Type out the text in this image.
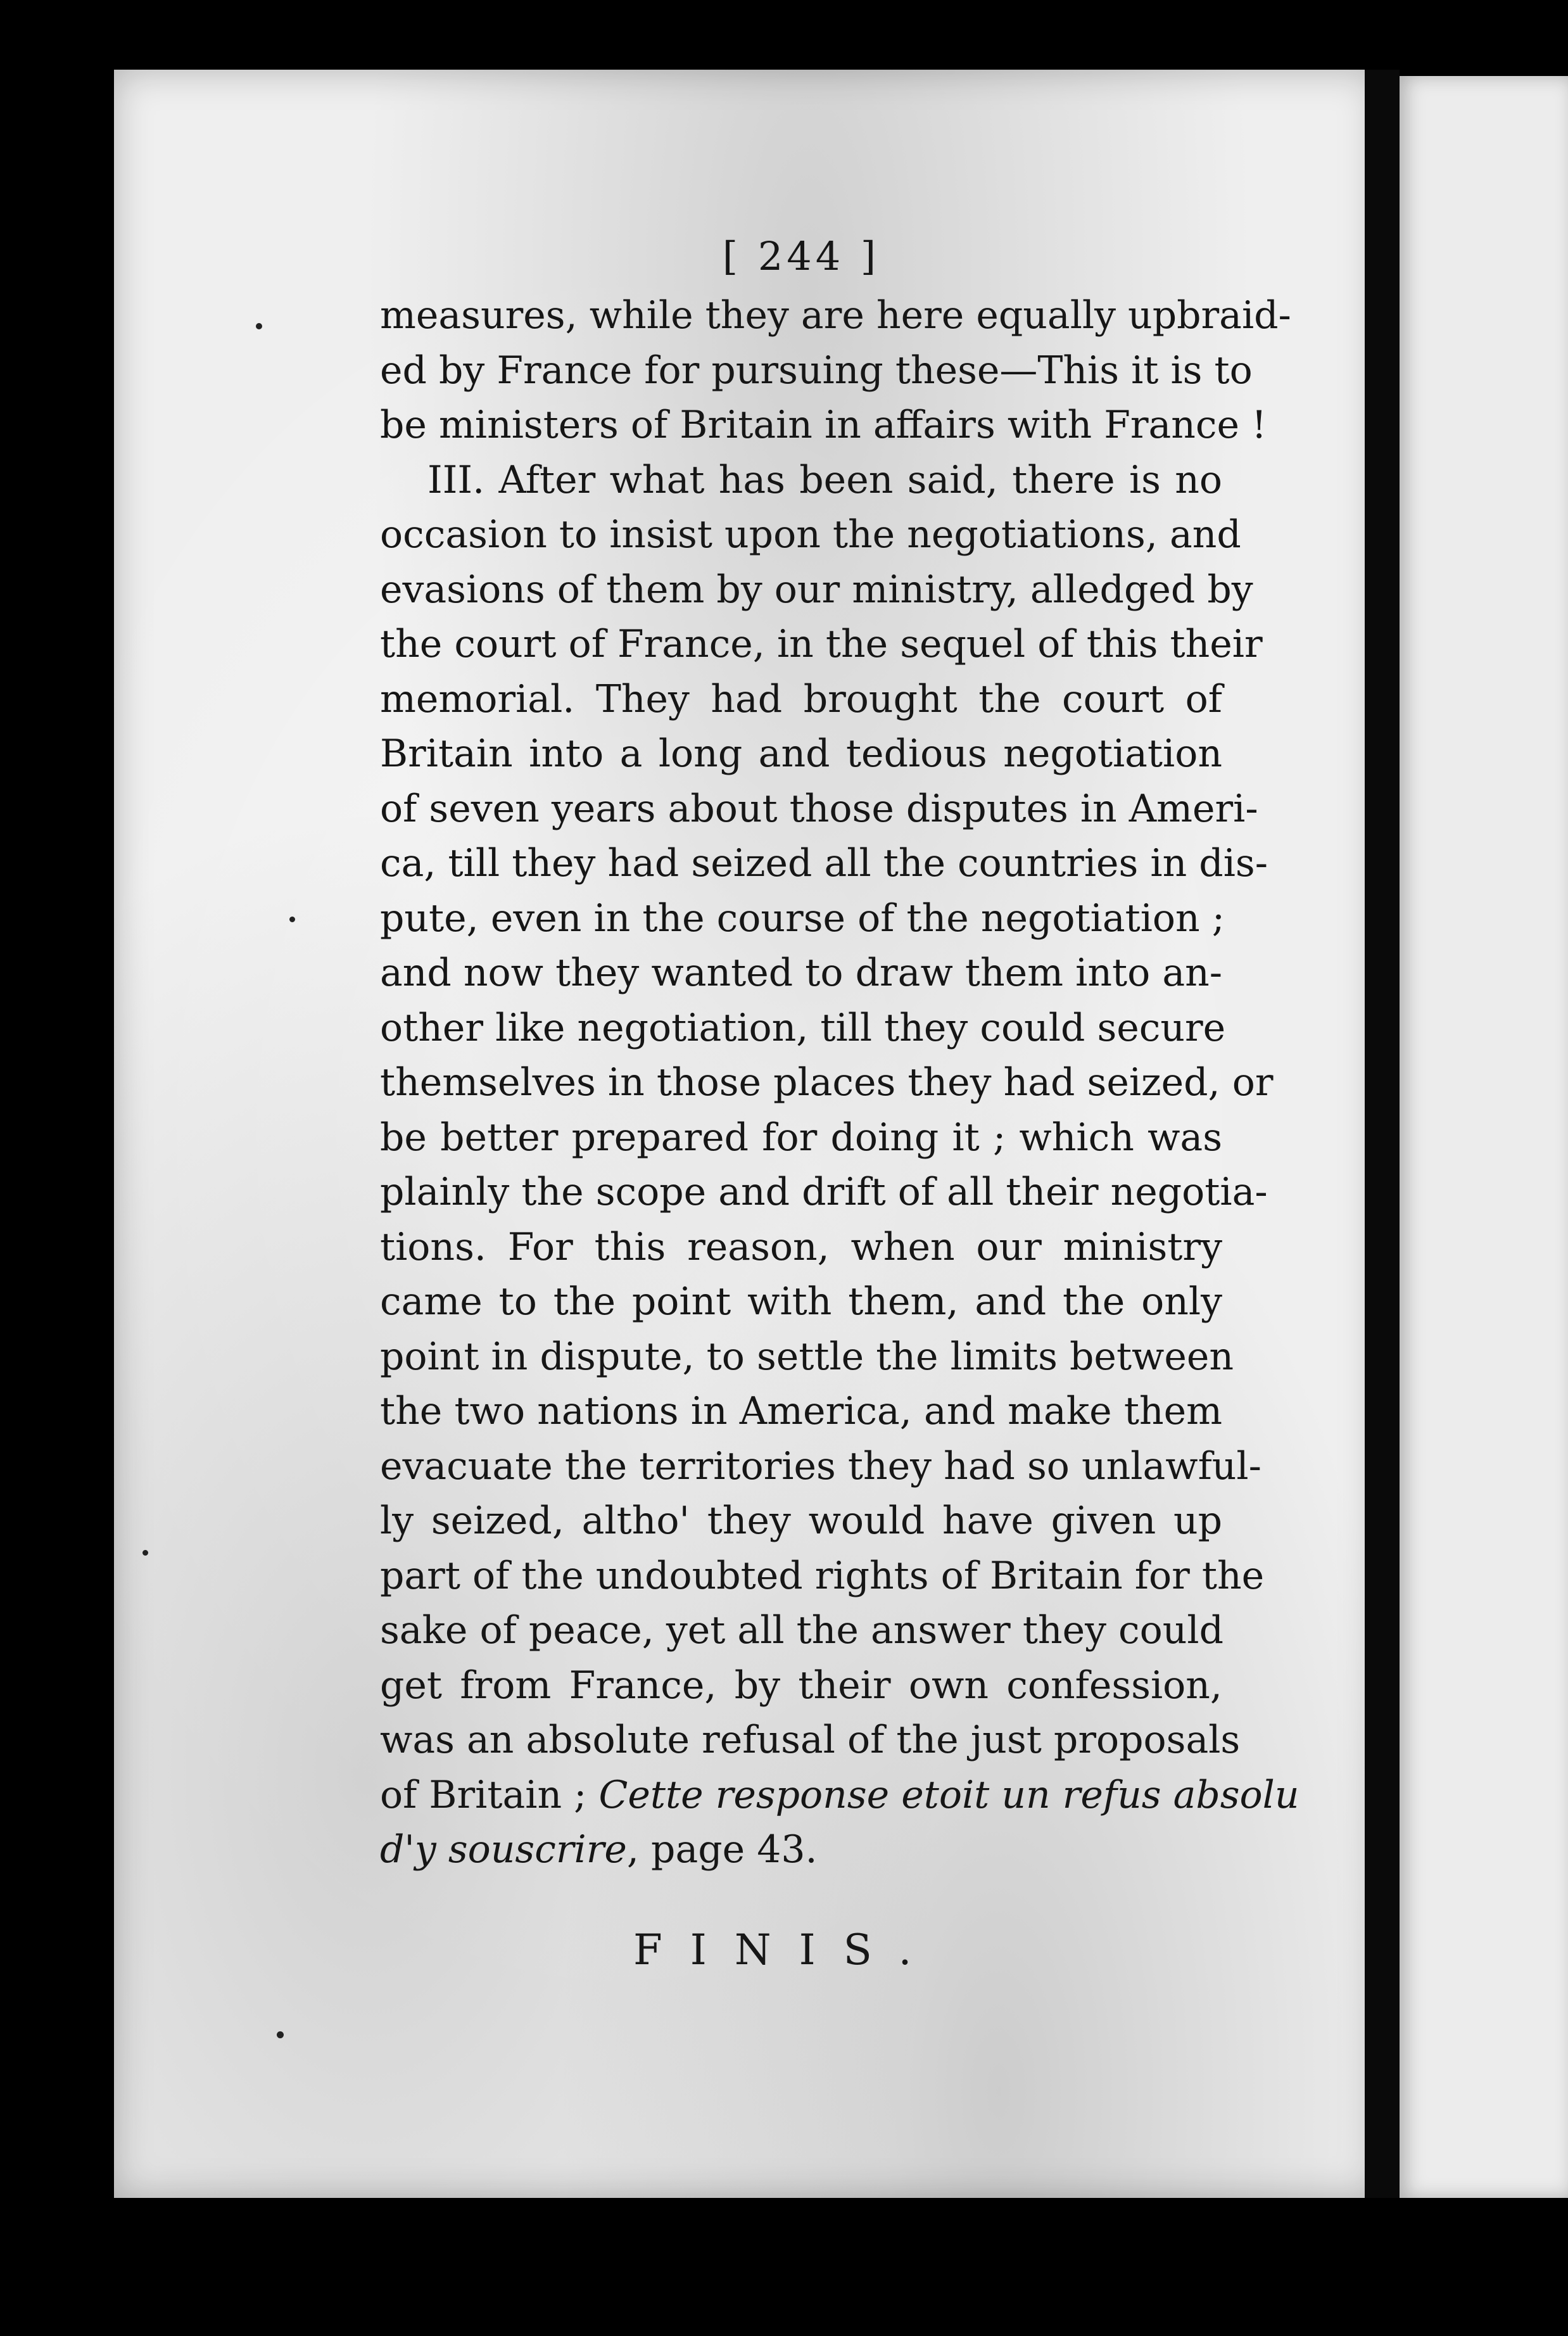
[ 244 ]
measures, while they are here equally upbraid-
ed by France for pursuing these—This it is to
be ministers of Britain in affairs with France !
III. After what has been said, there is no
occasion to insist upon the negotiations, and
evasions of them by our ministry, alledged by
the court of France, in the sequel of this their
memorial. They had brought the court of
Britain into a long and tedious negotiation
of seven years about those disputes in Ameri-
ca, till they had seized all the countries in dis-
pute, even in the course of the negotiation ;
and now they wanted to draw them into an-
other like negotiation, till they could secure
themselves in those places they had seized, or
be better prepared for doing it ; which was
plainly the scope and drift of all their negotia-
tions. For this reason, when our ministry
came to the point with them, and the only
point in dispute, to settle the limits between
the two nations in America, and make them
evacuate the territories they had so unlawful-
ly seized, altho' they would have given up
part of the undoubted rights of Britain for the
sake of peace, yet all the answer they could
get from France, by their own confession,
was an absolute refusal of the just proposals
of Britain ; Cette response etoit un refus absolu
d'y souscrire, page 43.
FINIS.
